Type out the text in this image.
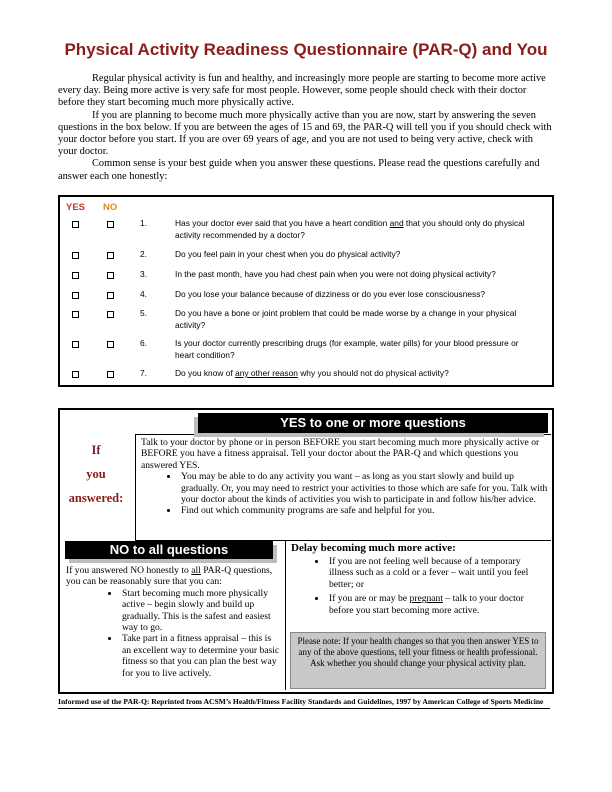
Physical Activity Readiness Questionnaire (PAR-Q) and You

Regular physical activity is fun and healthy, and increasingly more people are starting to become more active every day. Being more active is very safe for most people. However, some people should check with their doctor before they start becoming much more physically active.

If you are planning to become much more physically active than you are now, start by answering the seven questions in the box below. If you are between the ages of 15 and 69, the PAR-Q will tell you if you should check with your doctor before you start. If you are over 69 years of age, and you are not used to being very active, check with your doctor.

Common sense is your best guide when you answer these questions. Please read the questions carefully and answer each one honestly:

YES NO
1.	Has your doctor ever said that you have a heart condition and that you should only do physical activity recommended by a doctor?
2.	Do you feel pain in your chest when you do physical activity?
3.	In the past month, have you had chest pain when you were not doing physical activity?
4.	Do you lose your balance because of dizziness or do you ever lose consciousness?
5.	Do you have a bone or joint problem that could be made worse by a change in your physical activity?
6.	Is your doctor currently prescribing drugs (for example, water pills) for your blood pressure or heart condition?
7.	Do you know of any other reason why you should not do physical activity?
If
you
answered:
YES to one or more questions

Talk to your doctor by phone or in person BEFORE you start becoming much more physically active or BEFORE you have a fitness appraisal. Tell your doctor about the PAR-Q and which questions you answered YES.

• You may be able to do any activity you want – as long as you start slowly and build up gradually. Or, you may need to restrict your activities to those which are safe for you. Talk with your doctor about the kinds of activities you wish to participate in and follow his/her advice.
• Find out which community programs are safe and helpful for you.
NO to all questions

If you answered NO honestly to all PAR-Q questions, you can be reasonably sure that you can:

• Start becoming much more physically active – begin slowly and build up gradually. This is the safest and easiest way to go.
• Take part in a fitness appraisal – this is an excellent way to determine your basic fitness so that you can plan the best way for you to live actively.
Delay becoming much more active:
• If you are not feeling well because of a temporary illness such as a cold or a fever – wait until you feel better; or
• If you are or may be pregnant – talk to your doctor before you start becoming more active.
Please note: If your health changes so that you then answer YES to any of the above questions, tell your fitness or health professional. Ask whether you should change your physical activity plan.
Informed use of the PAR-Q: Reprinted from ACSM’s Health/Fitness Facility Standards and Guidelines, 1997 by American College of Sports Medicine
